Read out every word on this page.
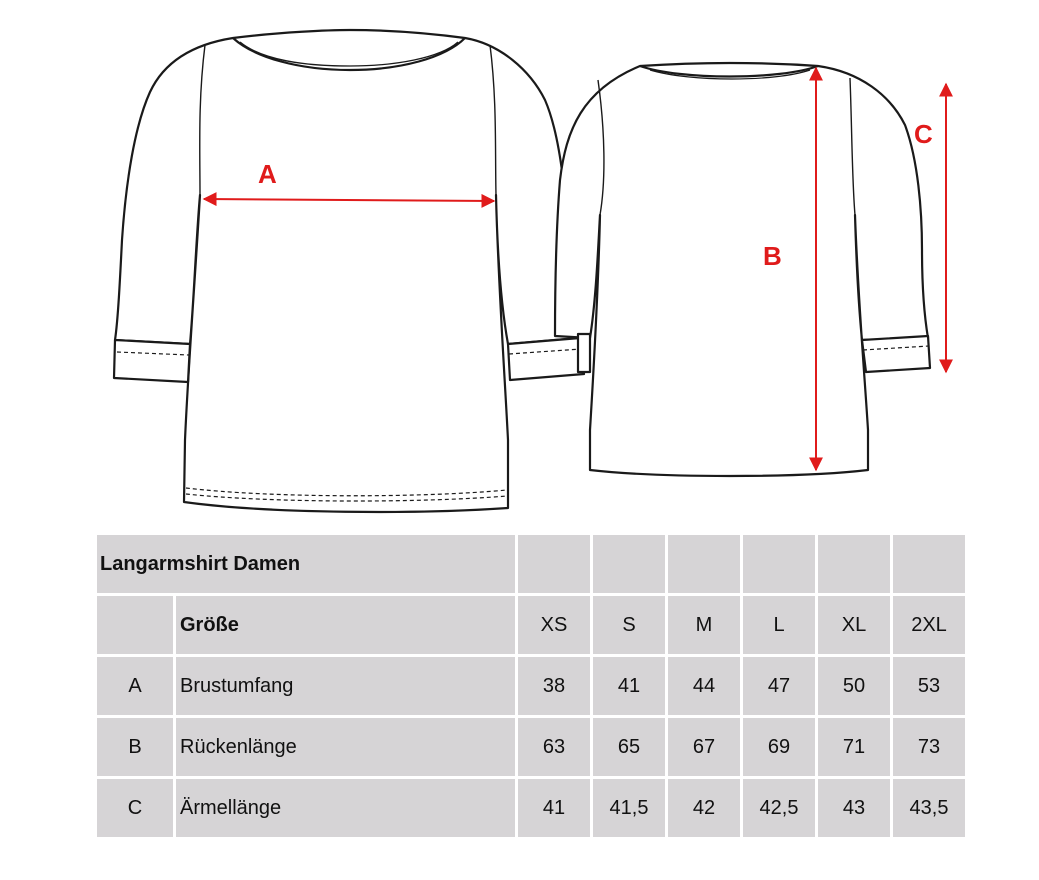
A
B
C
Langarmshirt Damen							
	Größe	XS	S	M	L	XL	2XL
A	Brustumfang	38	41	44	47	50	53
B	Rückenlänge	63	65	67	69	71	73
C	Ärmellänge	41	41,5	42	42,5	43	43,5
